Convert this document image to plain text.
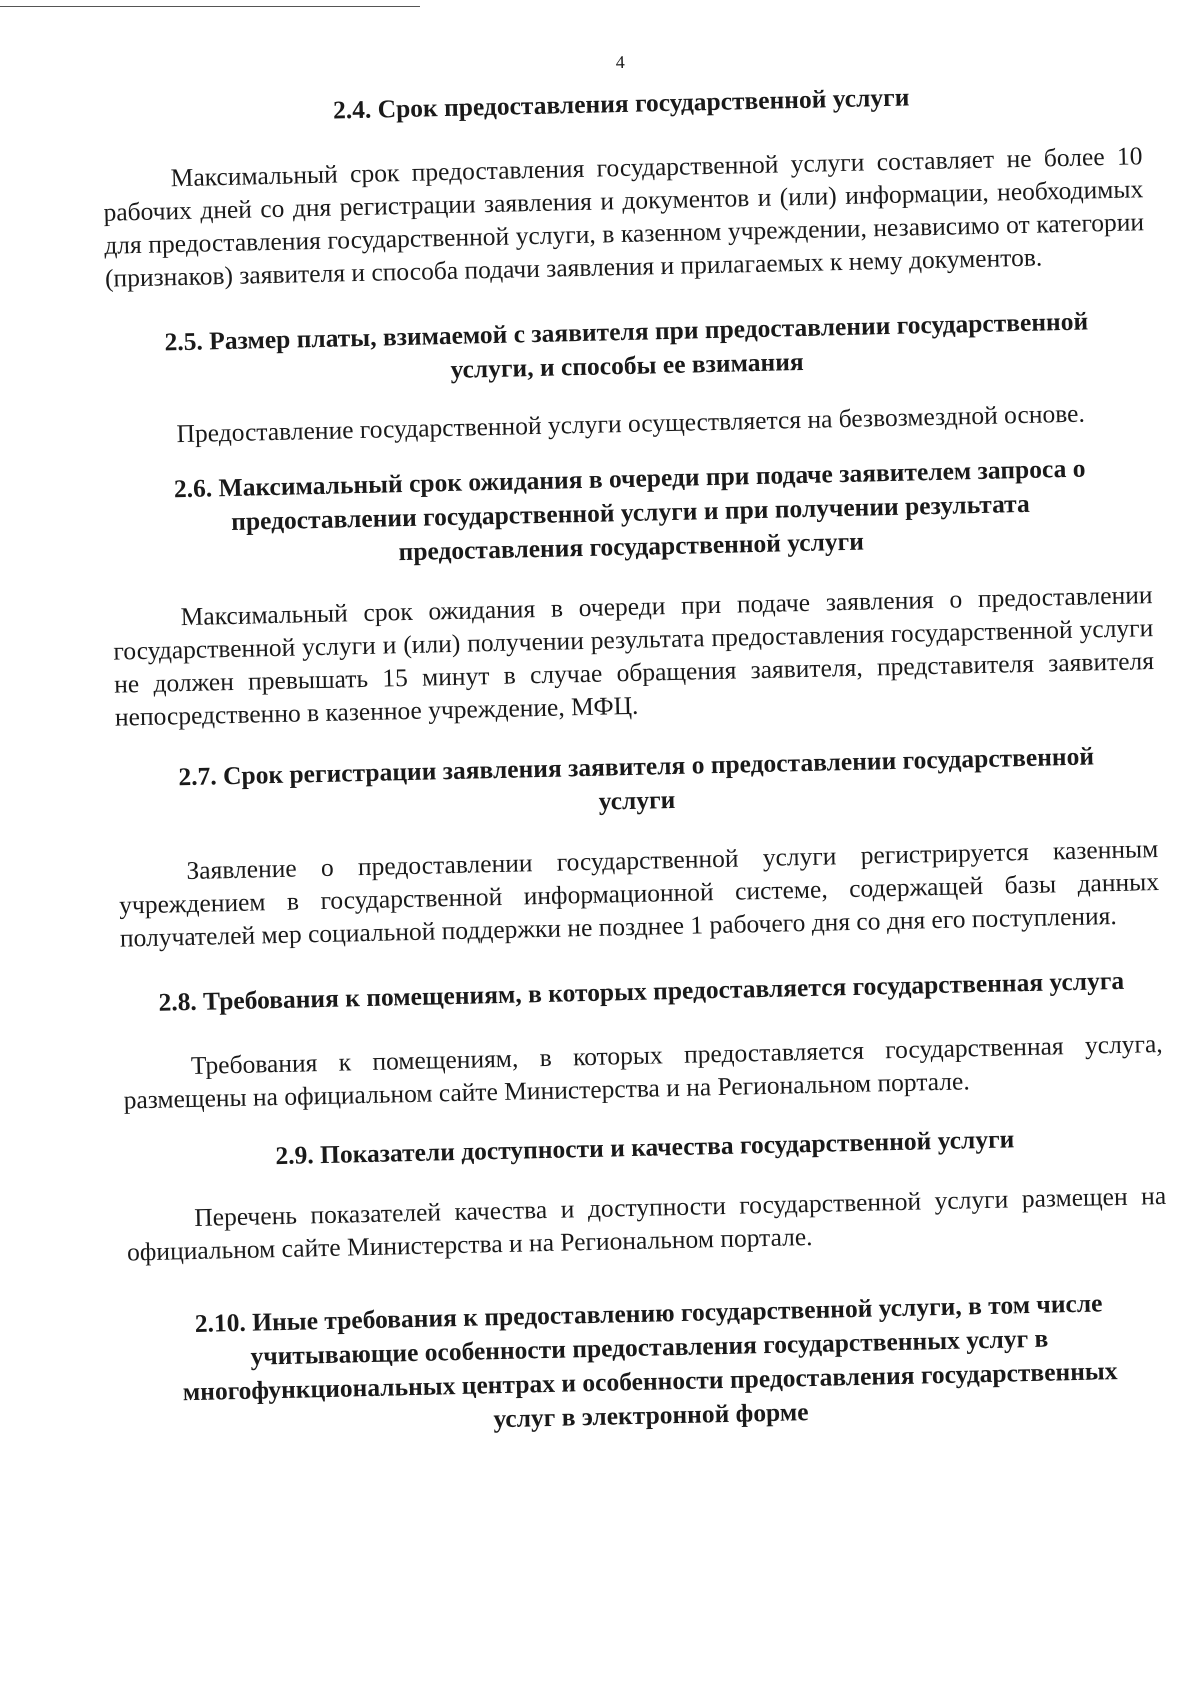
4
2.4. Срок предоставления государственной услуги

Максимальный срок предоставления государственной услуги составляет не более 10 рабочих дней со дня регистрации заявления и документов и (или) информации, необходимых для предоставления государственной услуги, в казенном учреждении, независимо от категории (признаков) заявителя и способа подачи заявления и прилагаемых к нему документов.

2.5. Размер платы, взимаемой с заявителя при предоставлении государственной услуги, и способы ее взимания

Предоставление государственной услуги осуществляется на безвозмездной основе.

2.6. Максимальный срок ожидания в очереди при подаче заявителем запроса о предоставлении государственной услуги и при получении результата предоставления государственной услуги

Максимальный срок ожидания в очереди при подаче заявления о предоставлении государственной услуги и (или) получении результата предоставления государственной услуги не должен превышать 15 минут в случае обращения заявителя, представителя заявителя непосредственно в казенное учреждение, МФЦ.

2.7. Срок регистрации заявления заявителя о предоставлении государственной услуги

Заявление о предоставлении государственной услуги регистрируется казенным учреждением в государственной информационной системе, содержащей базы данных получателей мер социальной поддержки не позднее 1 рабочего дня со дня его поступления.

2.8. Требования к помещениям, в которых предоставляется государственная услуга

Требования к помещениям, в которых предоставляется государственная услуга, размещены на официальном сайте Министерства и на Региональном портале.

2.9. Показатели доступности и качества государственной услуги

Перечень показателей качества и доступности государственной услуги размещен на официальном сайте Министерства и на Региональном портале.

2.10. Иные требования к предоставлению государственной услуги, в том числе учитывающие особенности предоставления государственных услуг в многофункциональных центрах и особенности предоставления государственных услуг в электронной форме
